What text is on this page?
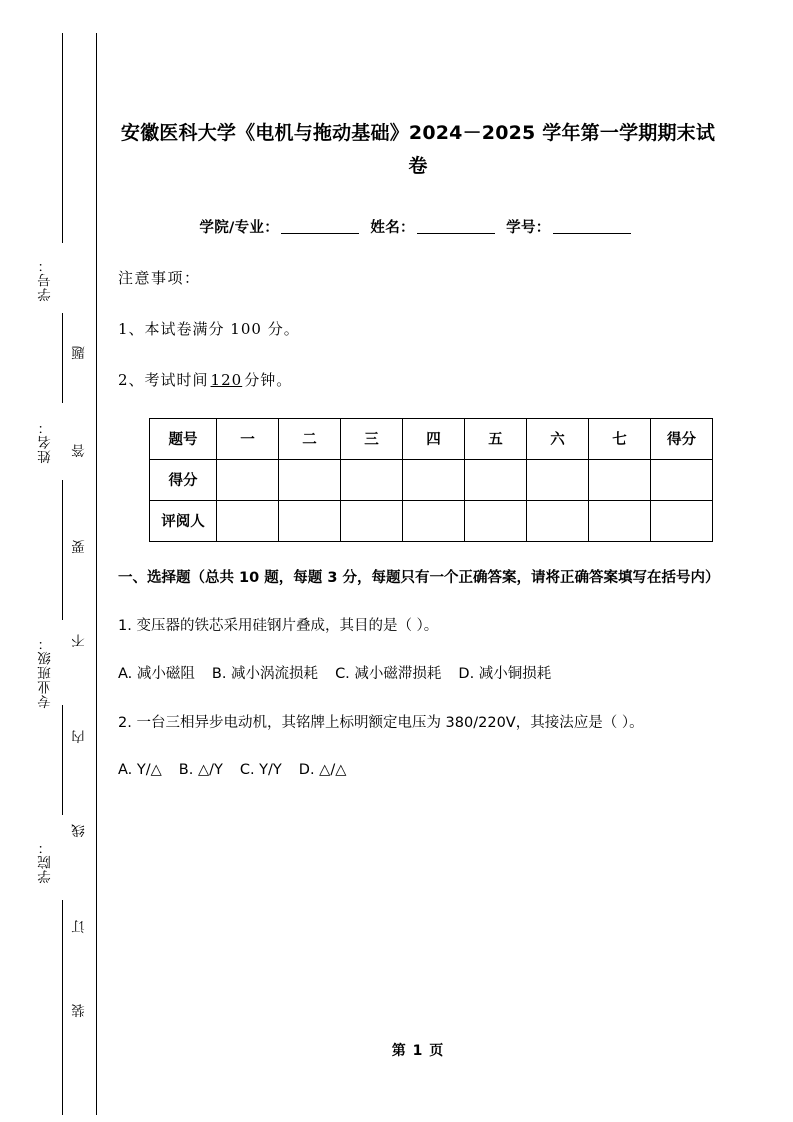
学号：
姓名：
专业班级：
学院：
题
答
要
不
内
线
订
装
安徽医科大学《电机与拖动基础》2024－2025 学年第一学期期末试卷
学院/专业：	姓名：	学号：
注意事项：
1、本试卷满分 100 分。
2、考试时间 120 分钟。
题号	一	二	三	四	五	六	七	得分
得分								
评阅人								
一、选择题（总共 10 题，每题 3 分，每题只有一个正确答案，请将正确答案填写在括号内）
1. 变压器的铁芯采用硅钢片叠成，其目的是（ ）。
A. 减小磁阻 B. 减小涡流损耗 C. 减小磁滞损耗 D. 减小铜损耗
2. 一台三相异步电动机，其铭牌上标明额定电压为 380/220V，其接法应是（ ）。
A. Y/△ B. △/Y C. Y/Y D. △/△
第 1 页
